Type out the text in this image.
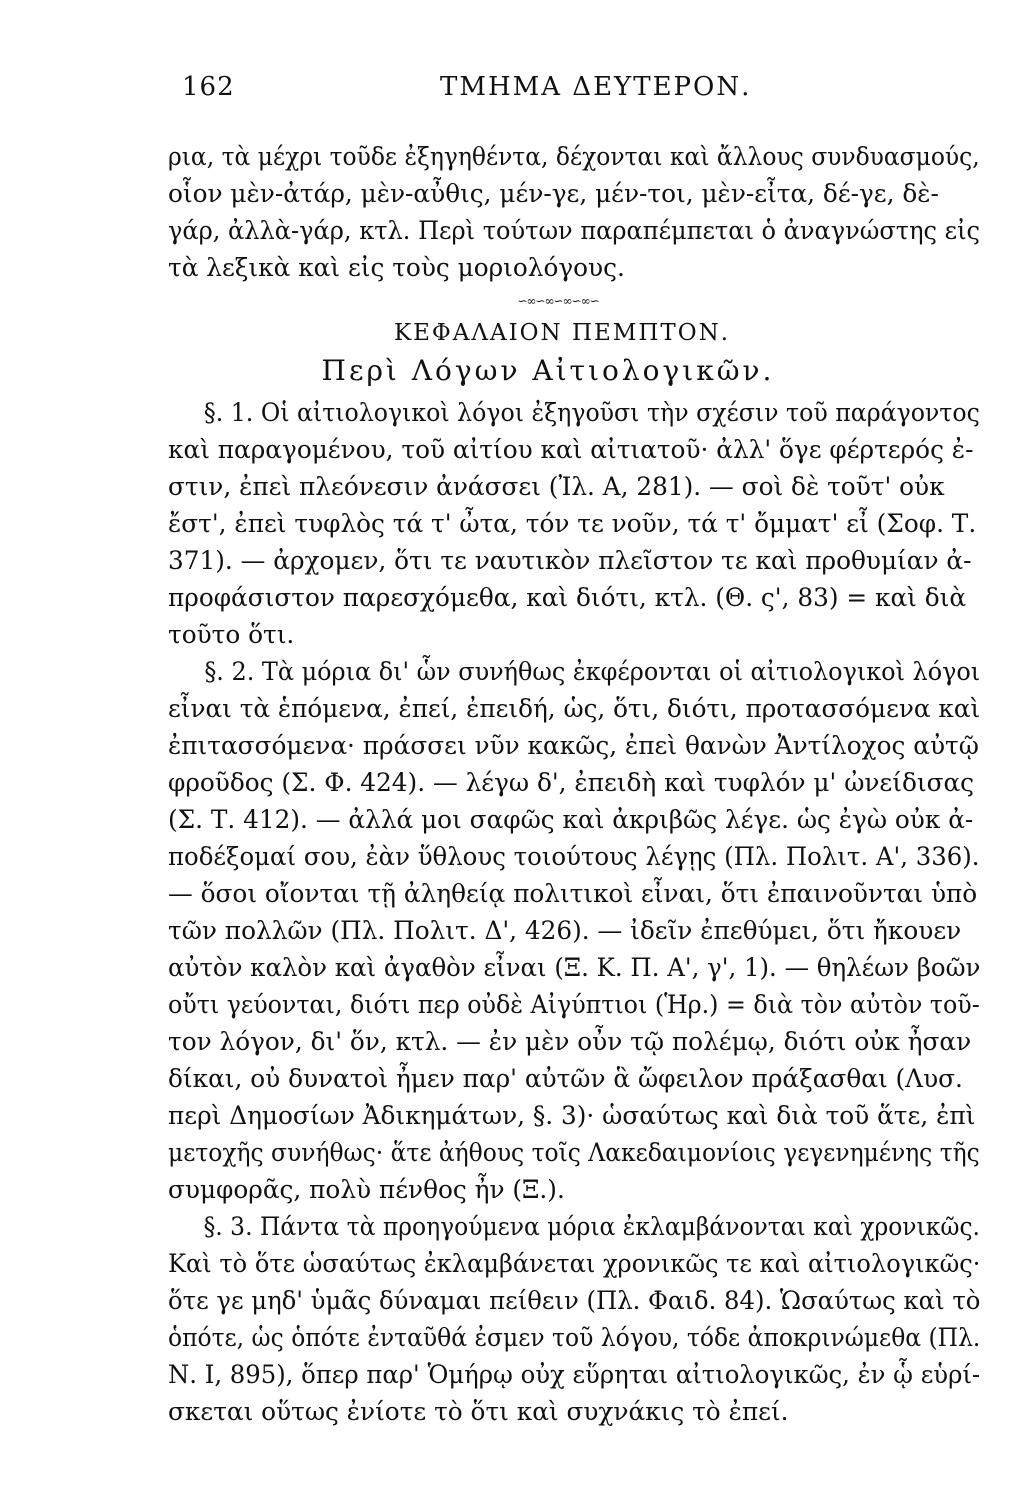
162	ΤΜΗΜΑ ΔΕΥΤΕΡΟΝ.
ρια, τὰ μέχρι τοῦδε ἐξηγηθέντα, δέχονται καὶ ἄλλους συνδυασμούς,
οἷον μὲν-ἀτάρ, μὲν-αὖθις, μέν-γε, μέν-τοι, μὲν-εἶτα, δέ-γε, δὲ-
γάρ, ἀλλὰ-γάρ, κτλ. Περὶ τούτων παραπέμπεται ὁ ἀναγνώστης εἰς
τὰ λεξικὰ καὶ εἰς τοὺς μοριολόγους.
∽∞∽∞∽∞∽∞∽
ΚΕΦΑΛΑΙΟΝ ΠΕΜΠΤΟΝ.
Περὶ Λόγων Αἰτιολογικῶν.
§. 1. Οἱ αἰτιολογικοὶ λόγοι ἐξηγοῦσι τὴν σχέσιν τοῦ παράγοντος
καὶ παραγομένου, τοῦ αἰτίου καὶ αἰτιατοῦ· ἀλλ' ὅγε φέρτερός ἐ-
στιν, ἐπεὶ πλεόνεσιν ἀνάσσει (Ἰλ. Α, 281). — σοὶ δὲ τοῦτ' οὐκ
ἔστ', ἐπεὶ τυφλὸς τά τ' ὦτα, τόν τε νοῦν, τά τ' ὄμματ' εἶ (Σοφ. Τ.
371). — ἀρχομεν, ὅτι τε ναυτικὸν πλεῖστον τε καὶ προθυμίαν ἀ-
προφάσιστον παρεσχόμεθα, καὶ διότι, κτλ. (Θ. ς', 83) = καὶ διὰ
τοῦτο ὅτι.
§. 2. Τὰ μόρια δι' ὧν συνήθως ἐκφέρονται οἱ αἰτιολογικοὶ λόγοι
εἶναι τὰ ἑπόμενα, ἐπεί, ἐπειδή, ὡς, ὅτι, διότι, προτασσόμενα καὶ
ἐπιτασσόμενα· πράσσει νῦν κακῶς, ἐπεὶ θανὼν Ἀντίλοχος αὐτῷ
φροῦδος (Σ. Φ. 424). — λέγω δ', ἐπειδὴ καὶ τυφλόν μ' ὠνείδισας
(Σ. Τ. 412). — ἀλλά μοι σαφῶς καὶ ἀκριβῶς λέγε. ὡς ἐγὼ οὐκ ἀ-
ποδέξομαί σου, ἐὰν ὕθλους τοιούτους λέγῃς (Πλ. Πολιτ. Α', 336).
— ὅσοι οἴονται τῇ ἀληθείᾳ πολιτικοὶ εἶναι, ὅτι ἐπαινοῦνται ὑπὸ
τῶν πολλῶν (Πλ. Πολιτ. Δ', 426). — ἰδεῖν ἐπεθύμει, ὅτι ἤκουεν
αὐτὸν καλὸν καὶ ἀγαθὸν εἶναι (Ξ. Κ. Π. Α', γ', 1). — θηλέων βοῶν
οὔτι γεύονται, διότι περ οὐδὲ Αἰγύπτιοι (Ἡρ.) = διὰ τὸν αὐτὸν τοῦ-
τον λόγον, δι' ὅν, κτλ. — ἐν μὲν οὖν τῷ πολέμῳ, διότι οὐκ ἦσαν
δίκαι, οὐ δυνατοὶ ἦμεν παρ' αὐτῶν ἃ ὤφειλον πράξασθαι (Λυσ.
περὶ Δημοσίων Ἀδικημάτων, §. 3)· ὡσαύτως καὶ διὰ τοῦ ἅτε, ἐπὶ
μετοχῆς συνήθως· ἅτε ἀήθους τοῖς Λακεδαιμονίοις γεγενημένης τῆς
συμφορᾶς, πολὺ πένθος ἦν (Ξ.).
§. 3. Πάντα τὰ προηγούμενα μόρια ἐκλαμβάνονται καὶ χρονικῶς.
Καὶ τὸ ὅτε ὡσαύτως ἐκλαμβάνεται χρονικῶς τε καὶ αἰτιολογικῶς·
ὅτε γε μηδ' ὑμᾶς δύναμαι πείθειν (Πλ. Φαιδ. 84). Ὡσαύτως καὶ τὸ
ὁπότε, ὡς ὁπότε ἐνταῦθά ἐσμεν τοῦ λόγου, τόδε ἀποκρινώμεθα (Πλ.
Ν. Ι, 895), ὅπερ παρ' Ὁμήρῳ οὐχ εὕρηται αἰτιολογικῶς, ἐν ᾧ εὑρί-
σκεται οὕτως ἐνίοτε τὸ ὅτι καὶ συχνάκις τὸ ἐπεί.
